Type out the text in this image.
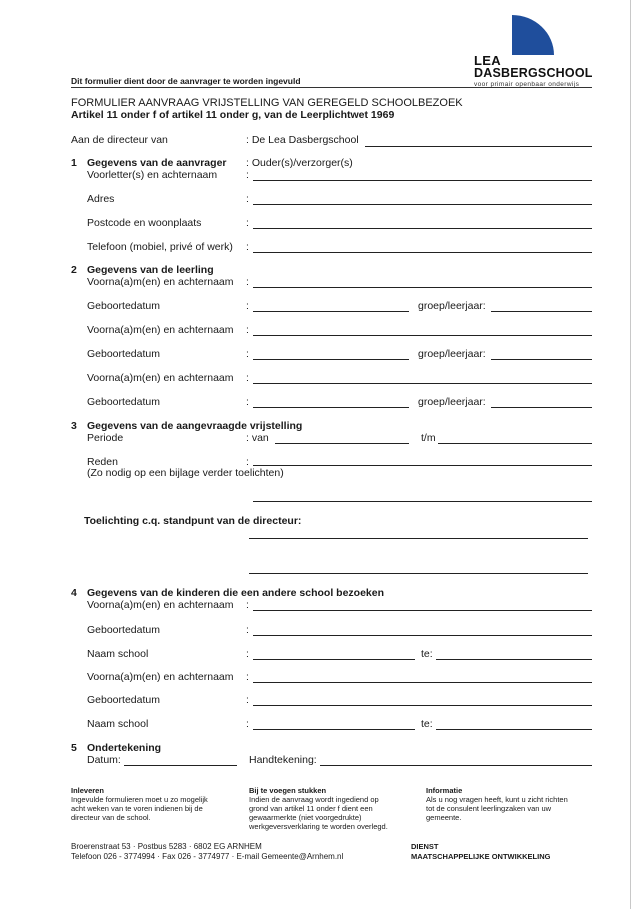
LEA
DASBERGSCHOOL
voor primair openbaar onderwijs
Dit formulier dient door de aanvrager te worden ingevuld
FORMULIER AANVRAAG VRIJSTELLING VAN GEREGELD SCHOOLBEZOEK
Artikel 11 onder f of artikel 11 onder g, van de Leerplichtwet 1969
Aan de directeur van	: De Lea Dasbergschool
1 Gegevens van de aanvrager : Ouder(s)/verzorger(s)
Voorletter(s) en achternaam	:
Adres	:
Postcode en woonplaats	:
Telefoon (mobiel, privé of werk) :
2 Gegevens van de leerling
Voorna(a)m(en) en achternaam :
Geboortedatum	:	groep/leerjaar:
Voorna(a)m(en) en achternaam :
Geboortedatum	:	groep/leerjaar:
Voorna(a)m(en) en achternaam :
Geboortedatum	:	groep/leerjaar:
3 Gegevens van de aangevraagde vrijstelling
Periode	: van	t/m
Reden	:
(Zo nodig op een bijlage verder toelichten)
Toelichting c.q. standpunt van de directeur:
4 Gegevens van de kinderen die een andere school bezoeken
Voorna(a)m(en) en achternaam :
Geboortedatum	:
Naam school	:	te:
Voorna(a)m(en) en achternaam :
Geboortedatum	:
Naam school	:	te:
5 Ondertekening
Datum:	Handtekening:
Inleveren
Ingevulde formulieren moet u zo mogelijk
acht weken van te voren indienen bij de
directeur van de school.
Bij te voegen stukken
Indien de aanvraag wordt ingediend op
grond van artikel 11 onder f dient een
gewaarmerkte (niet voorgedrukte)
werkgeversverklaring te worden overlegd.
Informatie
Als u nog vragen heeft, kunt u zicht richten
tot de consulent leerlingzaken van uw
gemeente.
Broerenstraat 53 · Postbus 5283 · 6802 EG ARNHEM
Telefoon 026 - 3774994 · Fax 026 - 3774977 · E-mail Gemeente@Arnhem.nl
DIENST
MAATSCHAPPELIJKE ONTWIKKELING
